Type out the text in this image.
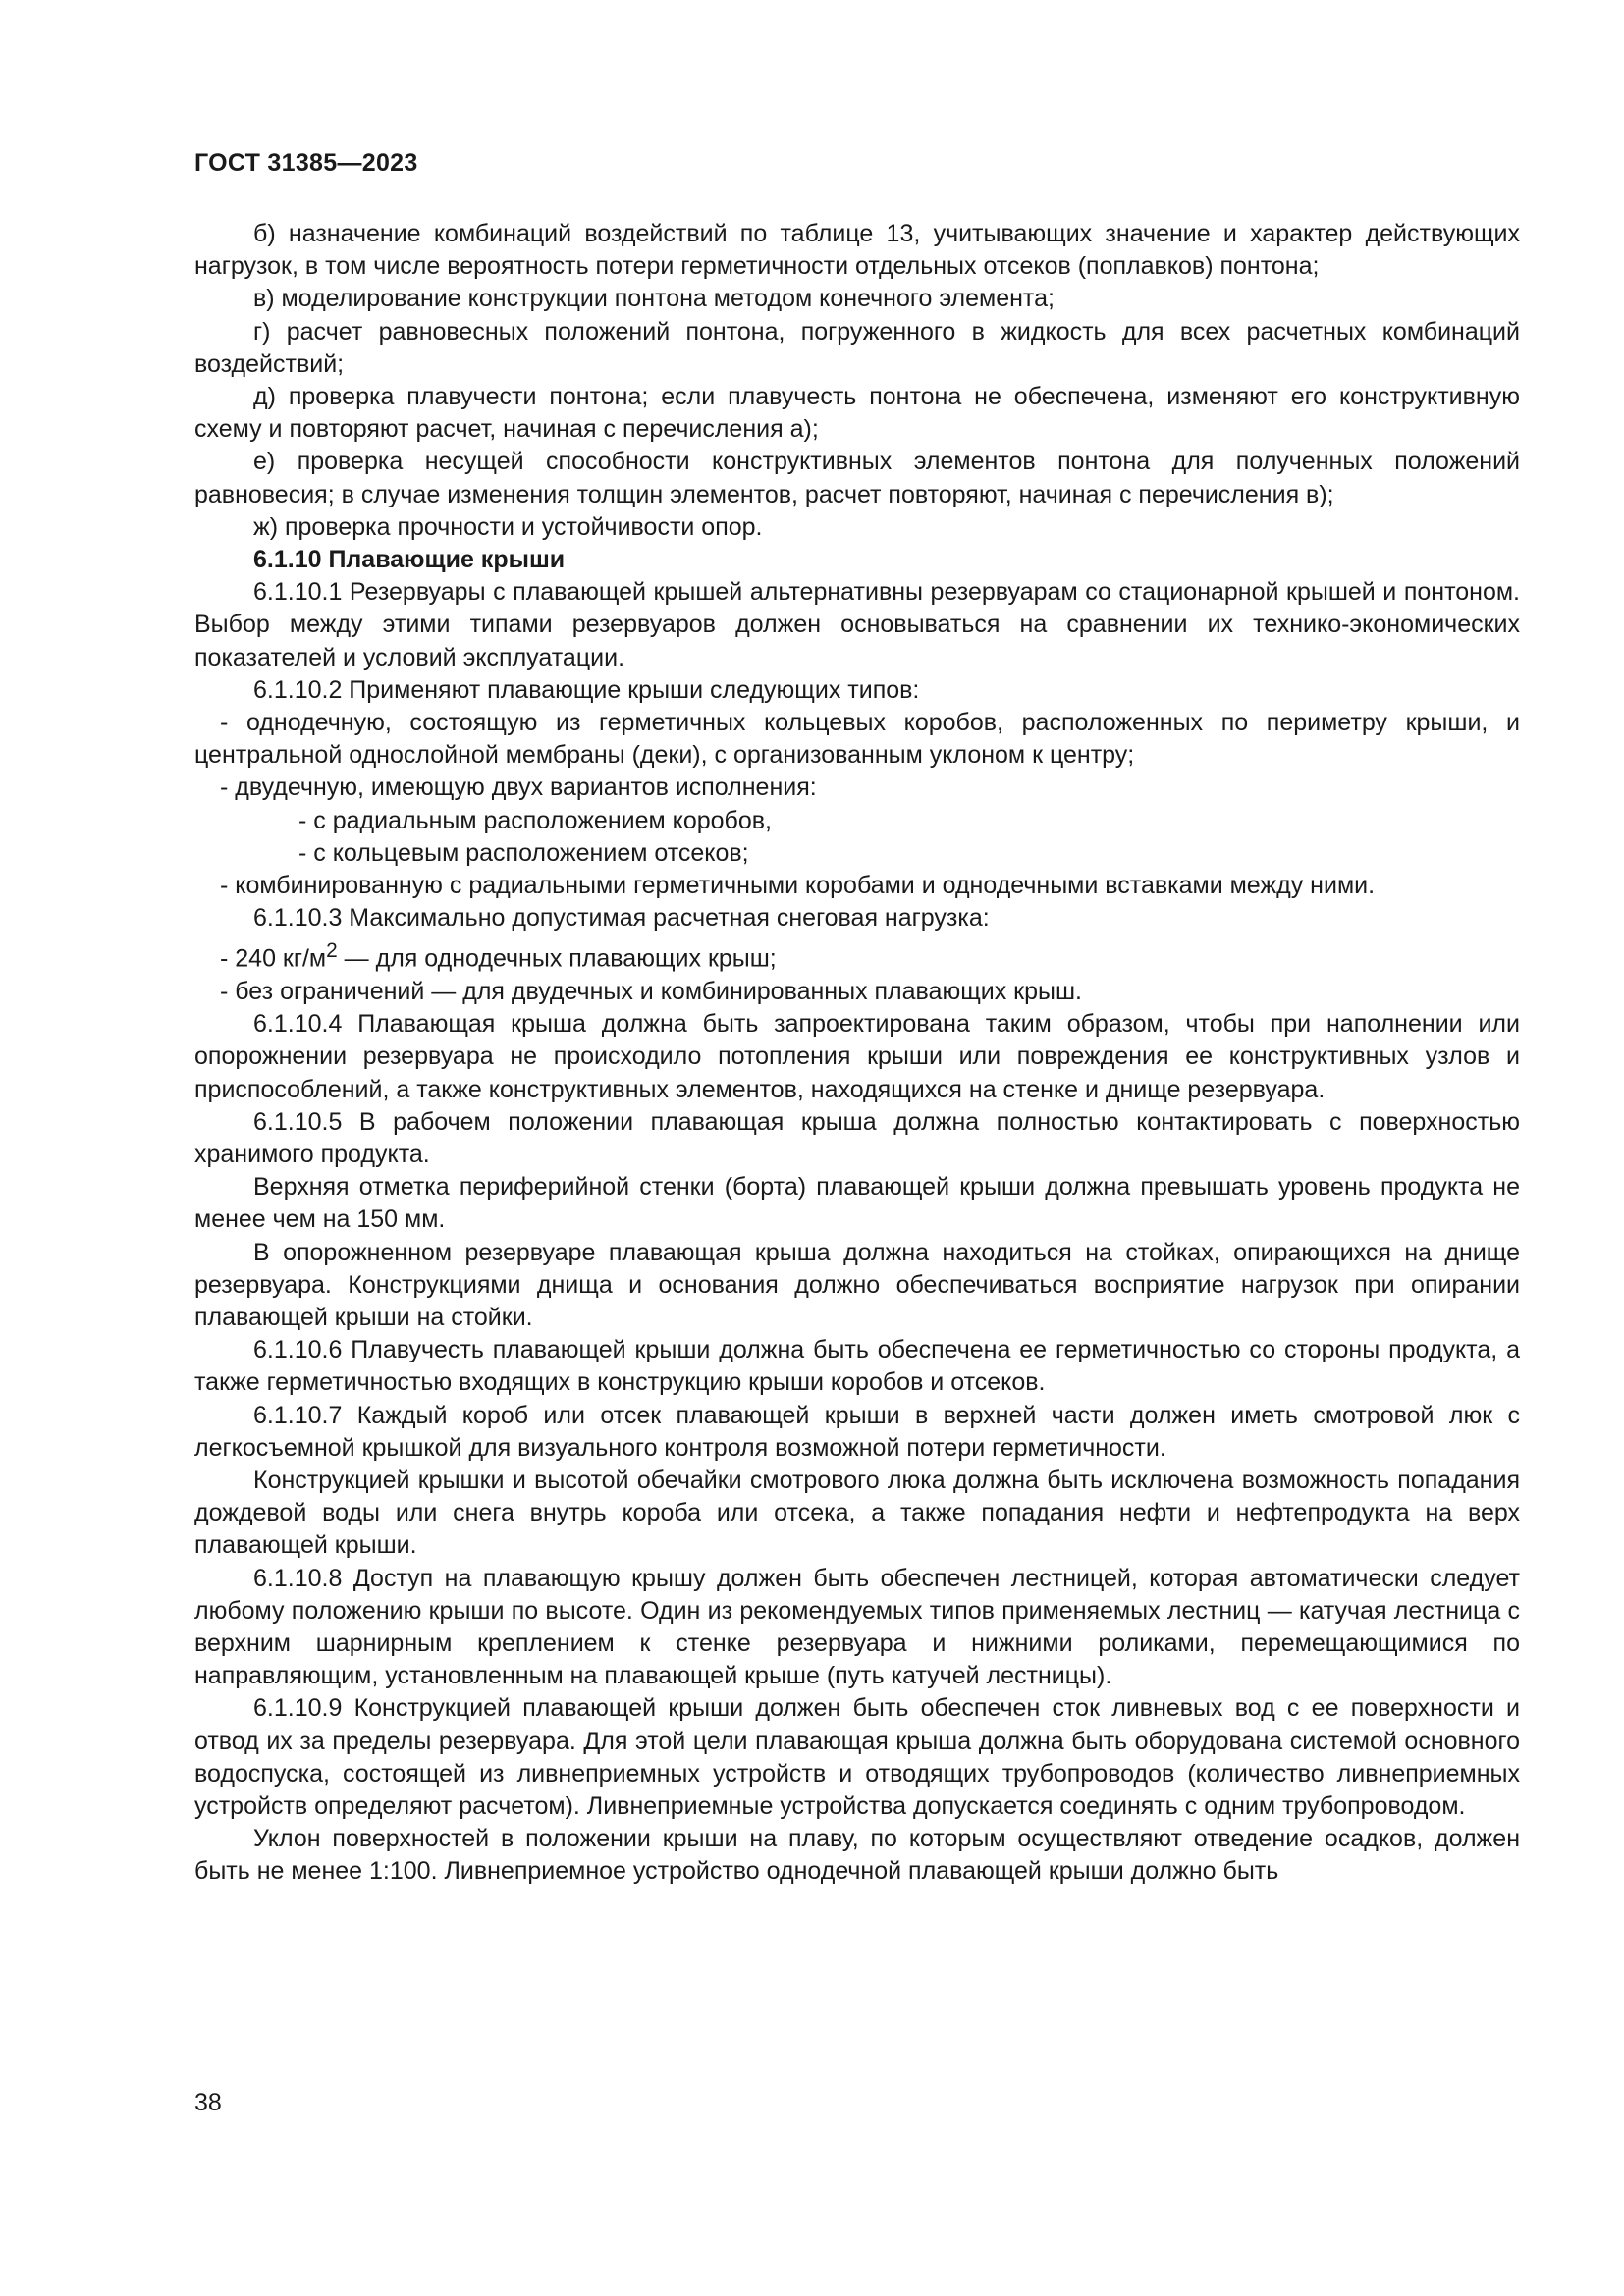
ГОСТ 31385—2023

б) назначение комбинаций воздействий по таблице 13, учитывающих значение и характер действующих нагрузок, в том числе вероятность потери герметичности отдельных отсеков (поплавков) понтона;

в) моделирование конструкции понтона методом конечного элемента;

г) расчет равновесных положений понтона, погруженного в жидкость для всех расчетных комбинаций воздействий;

д) проверка плавучести понтона; если плавучесть понтона не обеспечена, изменяют его конструктивную схему и повторяют расчет, начиная с перечисления а);

е) проверка несущей способности конструктивных элементов понтона для полученных положений равновесия; в случае изменения толщин элементов, расчет повторяют, начиная с перечисления в);

ж) проверка прочности и устойчивости опор.

6.1.10 Плавающие крыши

6.1.10.1 Резервуары с плавающей крышей альтернативны резервуарам со стационарной крышей и понтоном. Выбор между этими типами резервуаров должен основываться на сравнении их технико-экономических показателей и условий эксплуатации.

6.1.10.2 Применяют плавающие крыши следующих типов:

- однодечную, состоящую из герметичных кольцевых коробов, расположенных по периметру крыши, и центральной однослойной мембраны (деки), с организованным уклоном к центру;

- двудечную, имеющую двух вариантов исполнения:

- с радиальным расположением коробов,

- с кольцевым расположением отсеков;

- комбинированную с радиальными герметичными коробами и однодечными вставками между ними.

6.1.10.3 Максимально допустимая расчетная снеговая нагрузка:

- 240 $кг/м^2$ — для однодечных плавающих крыш;

- без ограничений — для двудечных и комбинированных плавающих крыш.

6.1.10.4 Плавающая крыша должна быть запроектирована таким образом, чтобы при наполнении или опорожнении резервуара не происходило потопления крыши или повреждения ее конструктивных узлов и приспособлений, а также конструктивных элементов, находящихся на стенке и днище резервуара.

6.1.10.5 В рабочем положении плавающая крыша должна полностью контактировать с поверхностью хранимого продукта.

Верхняя отметка периферийной стенки (борта) плавающей крыши должна превышать уровень продукта не менее чем на 150 мм.

В опорожненном резервуаре плавающая крыша должна находиться на стойках, опирающихся на днище резервуара. Конструкциями днища и основания должно обеспечиваться восприятие нагрузок при опирании плавающей крыши на стойки.

6.1.10.6 Плавучесть плавающей крыши должна быть обеспечена ее герметичностью со стороны продукта, а также герметичностью входящих в конструкцию крыши коробов и отсеков.

6.1.10.7 Каждый короб или отсек плавающей крыши в верхней части должен иметь смотровой люк с легкосъемной крышкой для визуального контроля возможной потери герметичности.

Конструкцией крышки и высотой обечайки смотрового люка должна быть исключена возможность попадания дождевой воды или снега внутрь короба или отсека, а также попадания нефти и нефтепродукта на верх плавающей крыши.

6.1.10.8 Доступ на плавающую крышу должен быть обеспечен лестницей, которая автоматически следует любому положению крыши по высоте. Один из рекомендуемых типов применяемых лестниц — катучая лестница с верхним шарнирным креплением к стенке резервуара и нижними роликами, перемещающимися по направляющим, установленным на плавающей крыше (путь катучей лестницы).

6.1.10.9 Конструкцией плавающей крыши должен быть обеспечен сток ливневых вод с ее поверхности и отвод их за пределы резервуара. Для этой цели плавающая крыша должна быть оборудована системой основного водоспуска, состоящей из ливнеприемных устройств и отводящих трубопроводов (количество ливнеприемных устройств определяют расчетом). Ливнеприемные устройства допускается соединять с одним трубопроводом.

Уклон поверхностей в положении крыши на плаву, по которым осуществляют отведение осадков, должен быть не менее 1:100. Ливнеприемное устройство однодечной плавающей крыши должно быть

38
